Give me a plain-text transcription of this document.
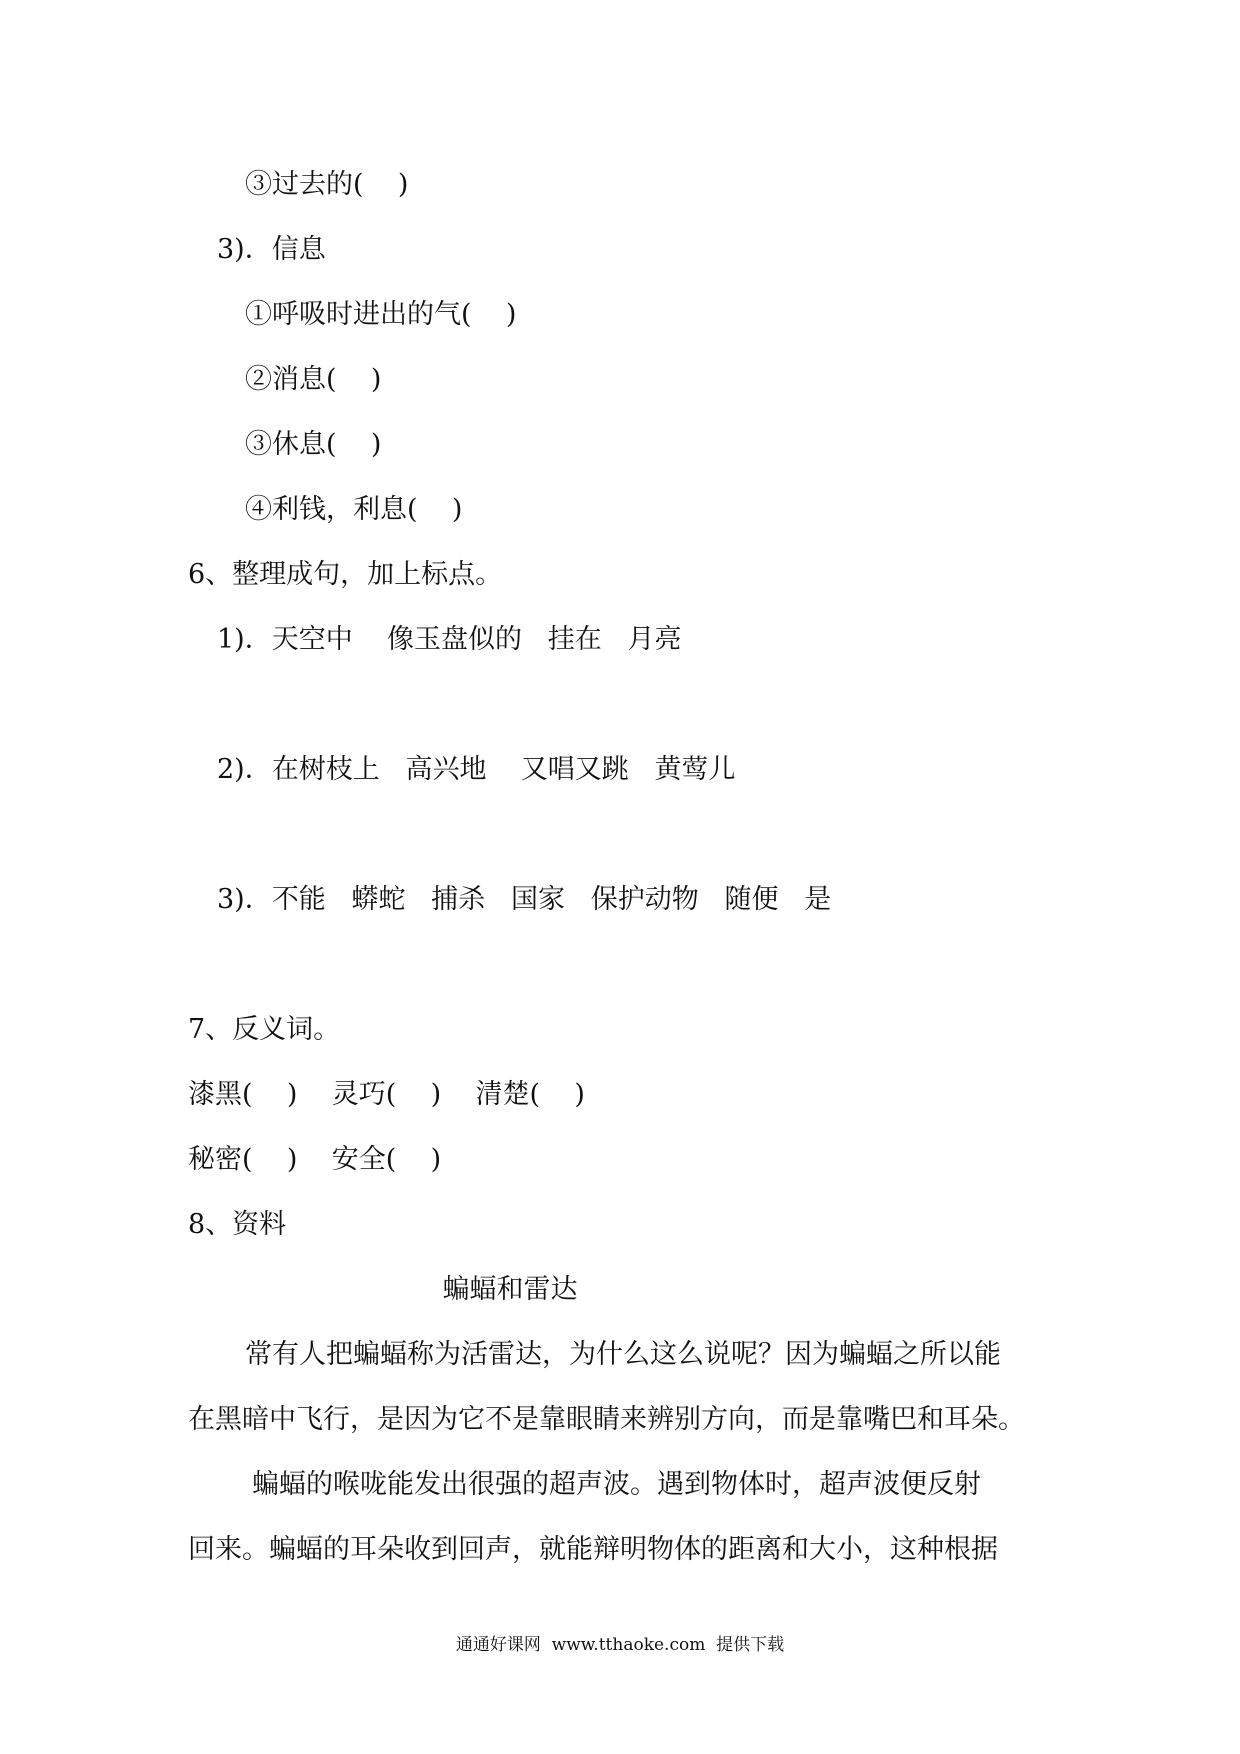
③过去的(    )
3)．信息
①呼吸时进出的气(    )
②消息(    )
③休息(    )
④利钱，利息(    )
6、整理成句，加上标点。
1)．天空中    像玉盘似的   挂在   月亮
2)．在树枝上   高兴地    又唱又跳   黄莺儿
3)．不能   蟒蛇   捕杀   国家   保护动物   随便   是
7、反义词。
漆黑(    )    灵巧(    )    清楚(    )
秘密(    )    安全(    )
8、资料
蝙蝠和雷达
常有人把蝙蝠称为活雷达，为什么这么说呢？因为蝙蝠之所以能
在黑暗中飞行，是因为它不是靠眼睛来辨别方向，而是靠嘴巴和耳朵。
蝙蝠的喉咙能发出很强的超声波。遇到物体时，超声波便反射
回来。蝙蝠的耳朵收到回声，就能辩明物体的距离和大小，这种根据
通通好课网  www.tthaoke.com  提供下载
